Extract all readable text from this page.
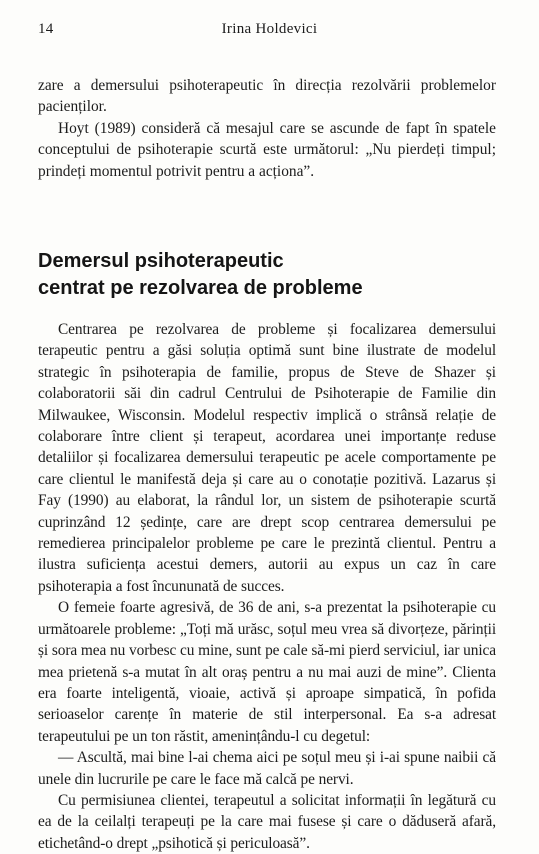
14	Irina Holdevici

zare a demersului psihoterapeutic în direcția rezolvării problemelor pacienților.

Hoyt (1989) consideră că mesajul care se ascunde de fapt în spatele conceptului de psihoterapie scurtă este următorul: „Nu pierdeți timpul; prindeți momentul potrivit pentru a acționa”.

Demersul psihoterapeutic
centrat pe rezolvarea de probleme

Centrarea pe rezolvarea de probleme și focalizarea demersului terapeutic pentru a găsi soluția optimă sunt bine ilustrate de modelul strategic în psihoterapia de familie, propus de Steve de Shazer și colaboratorii săi din cadrul Centrului de Psihoterapie de Familie din Milwaukee, Wisconsin. Modelul respectiv implică o strânsă relație de colaborare între client și terapeut, acordarea unei importanțe reduse detaliilor și focalizarea demersului terapeutic pe acele comportamente pe care clientul le manifestă deja și care au o conotație pozitivă. Lazarus și Fay (1990) au elaborat, la rândul lor, un sistem de psihoterapie scurtă cuprinzând 12 ședințe, care are drept scop centrarea demersului pe remedierea principalelor probleme pe care le prezintă clientul. Pentru a ilustra suficiența acestui demers, autorii au expus un caz în care psihoterapia a fost încununată de succes.

O femeie foarte agresivă, de 36 de ani, s-a prezentat la psihoterapie cu următoarele probleme: „Toți mă urăsc, soțul meu vrea să divorțeze, părinții și sora mea nu vorbesc cu mine, sunt pe cale să-mi pierd serviciul, iar unica mea prietenă s-a mutat în alt oraș pentru a nu mai auzi de mine”. Clienta era foarte inteligentă, vioaie, activă și aproape simpatică, în pofida serioaselor carențe în materie de stil interpersonal. Ea s-a adresat terapeutului pe un ton răstit, amenințându-l cu degetul:

— Ascultă, mai bine l-ai chema aici pe soțul meu și i-ai spune naibii că unele din lucrurile pe care le face mă calcă pe nervi.

Cu permisiunea clientei, terapeutul a solicitat informații în legătură cu ea de la ceilalți terapeuți pe la care mai fusese și care o dăduseră afară, etichetând-o drept „psihotică și periculoasă”.
